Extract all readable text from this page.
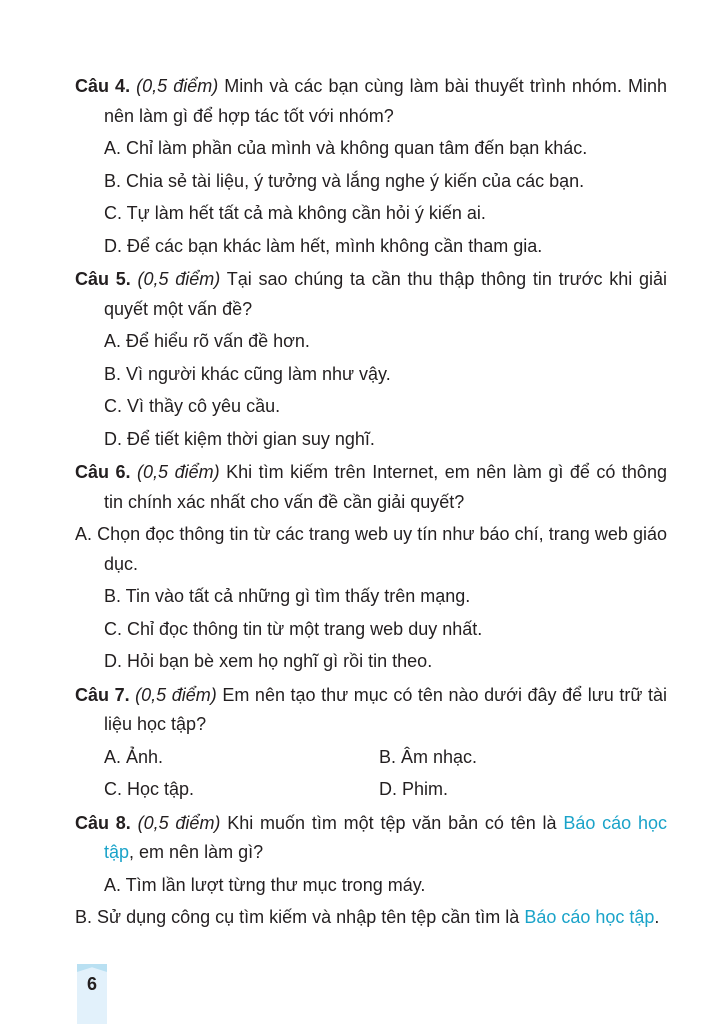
Câu 4. (0,5 điểm) Minh và các bạn cùng làm bài thuyết trình nhóm. Minh nên làm gì để hợp tác tốt với nhóm?
A. Chỉ làm phần của mình và không quan tâm đến bạn khác.
B. Chia sẻ tài liệu, ý tưởng và lắng nghe ý kiến của các bạn.
C. Tự làm hết tất cả mà không cần hỏi ý kiến ai.
D. Để các bạn khác làm hết, mình không cần tham gia.
Câu 5. (0,5 điểm) Tại sao chúng ta cần thu thập thông tin trước khi giải quyết một vấn đề?
A. Để hiểu rõ vấn đề hơn.
B. Vì người khác cũng làm như vậy.
C. Vì thầy cô yêu cầu.
D. Để tiết kiệm thời gian suy nghĩ.
Câu 6. (0,5 điểm) Khi tìm kiếm trên Internet, em nên làm gì để có thông tin chính xác nhất cho vấn đề cần giải quyết?
A. Chọn đọc thông tin từ các trang web uy tín như báo chí, trang web giáo dục.
B. Tin vào tất cả những gì tìm thấy trên mạng.
C. Chỉ đọc thông tin từ một trang web duy nhất.
D. Hỏi bạn bè xem họ nghĩ gì rồi tin theo.
Câu 7. (0,5 điểm) Em nên tạo thư mục có tên nào dưới đây để lưu trữ tài liệu học tập?
A. Ảnh.	B. Âm nhạc.
C. Học tập.	D. Phim.
Câu 8. (0,5 điểm) Khi muốn tìm một tệp văn bản có tên là Báo cáo học tập, em nên làm gì?
A. Tìm lần lượt từng thư mục trong máy.
B. Sử dụng công cụ tìm kiếm và nhập tên tệp cần tìm là Báo cáo học tập.
6
